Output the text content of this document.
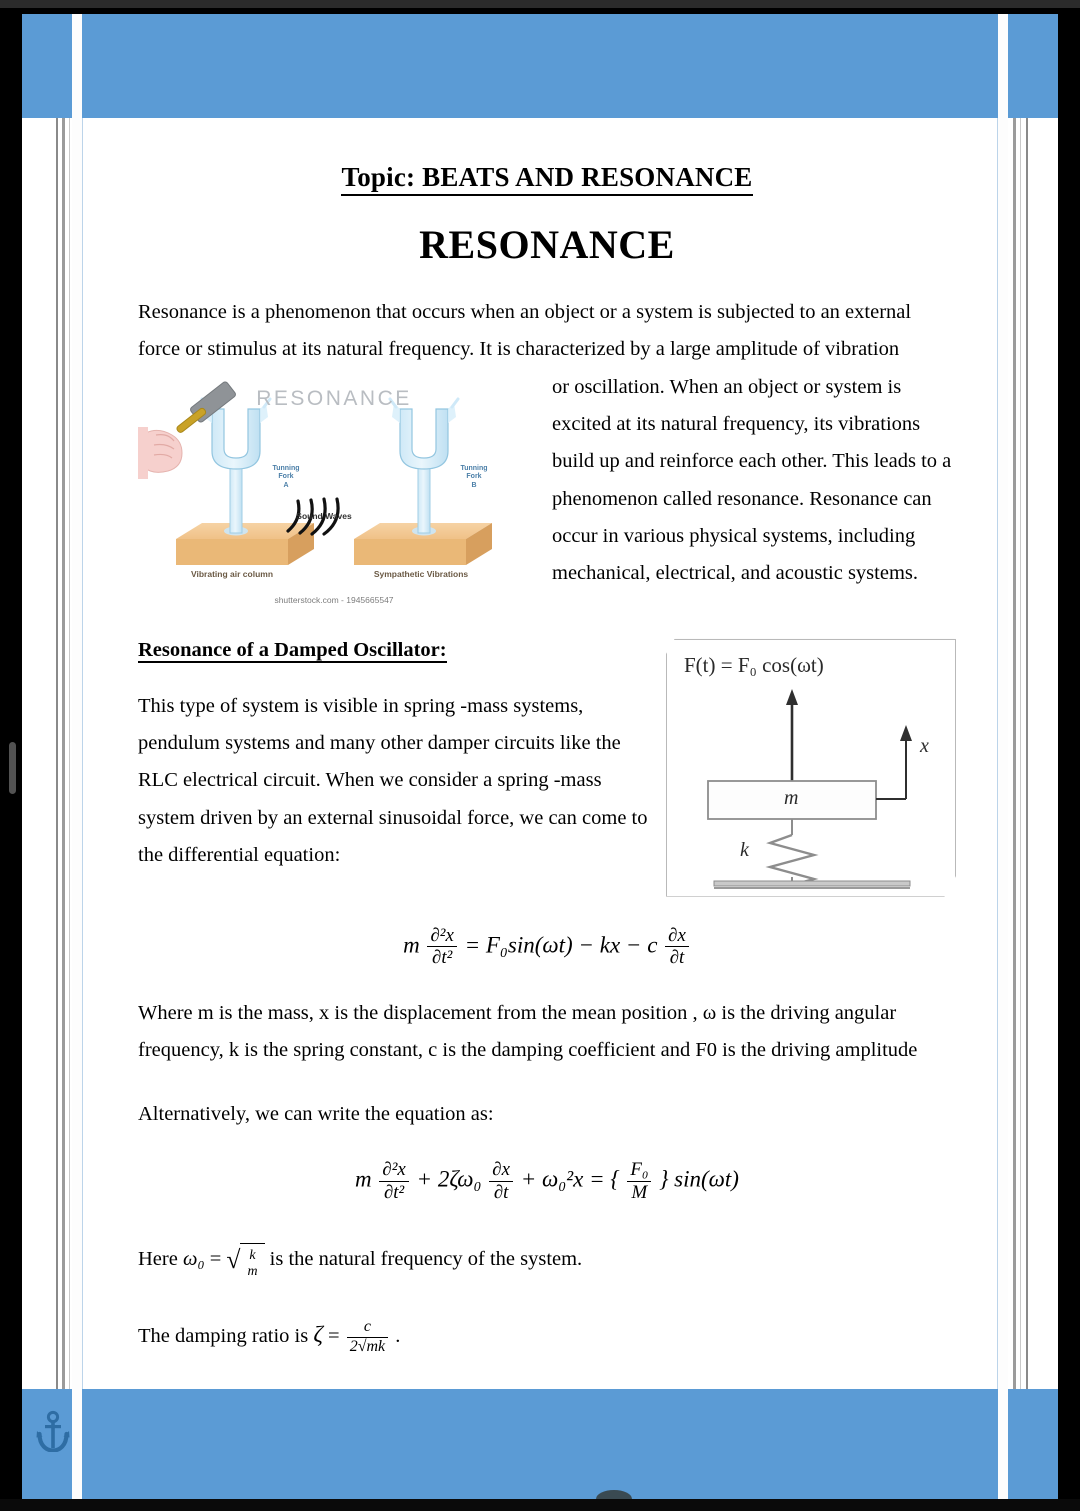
Topic: BEATS AND RESONANCE
RESONANCE

Resonance is a phenomenon that occurs when an object or a system is subjected to an external force or stimulus at its natural frequency. It is characterized by a large amplitude of vibration

RESONANCE
Tunning
Fork
A
Tunning
Fork
B
Sound Waves
Vibrating air column	Sympathetic Vibrations
shutterstock.com - 1945665547

or oscillation. When an object or system is excited at its natural frequency, its vibrations build up and reinforce each other. This leads to a phenomenon called resonance. Resonance can occur in various physical systems, including mechanical, electrical, and acoustic systems.

F(t) = F₀ cos(ωt)
m
k
x
Resonance of a Damped Oscillator:

This type of system is visible in spring -mass systems, pendulum systems and many other damper circuits like the RLC electrical circuit. When we consider a spring -mass system driven by an external sinusoidal force, we can come to the differential equation:

m $\frac{\text{∂²x}}{\text{∂t²}} = F_0\sin(\omega t)$ − kx − c $\frac{\partial x}{\partial t}$

Where m is the mass, x is the displacement from the mean position , ω is the driving angular frequency, k is the spring constant, c is the damping coefficient and F0 is the driving amplitude

Alternatively, we can write the equation as:

m $\frac{\text{∂²x}}{\text{∂t²}} + 2\zeta\omega_0 \frac{\partial x}{\partial t} + \omega_0^2x$ = { $\frac{\text{F₀}}{M}$ } sin(ωt)

Here ω₀ = √ k
m
is the natural frequency of the system.

The damping ratio is $\zeta = \frac{c}{2√mk}$ .
